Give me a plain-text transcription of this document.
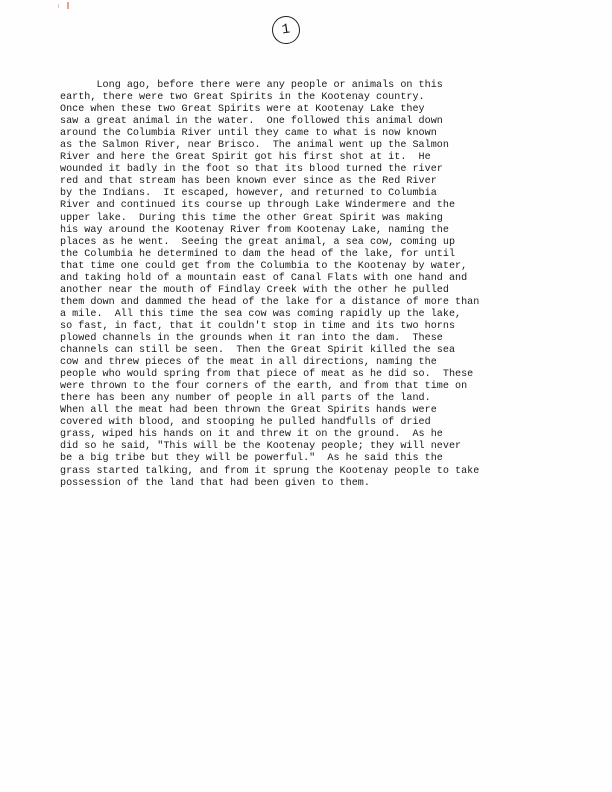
1
Long ago, before there were any people or animals on this
earth, there were two Great Spirits in the Kootenay country.
Once when these two Great Spirits were at Kootenay Lake they
saw a great animal in the water.  One followed this animal down
around the Columbia River until they came to what is now known
as the Salmon River, near Brisco.  The animal went up the Salmon
River and here the Great Spirit got his first shot at it.  He
wounded it badly in the foot so that its blood turned the river
red and that stream has been known ever since as the Red River
by the Indians.  It escaped, however, and returned to Columbia
River and continued its course up through Lake Windermere and the
upper lake.  During this time the other Great Spirit was making
his way around the Kootenay River from Kootenay Lake, naming the
places as he went.  Seeing the great animal, a sea cow, coming up
the Columbia he determined to dam the head of the lake, for until
that time one could get from the Columbia to the Kootenay by water,
and taking hold of a mountain east of Canal Flats with one hand and
another near the mouth of Findlay Creek with the other he pulled
them down and dammed the head of the lake for a distance of more than
a mile.  All this time the sea cow was coming rapidly up the lake,
so fast, in fact, that it couldn't stop in time and its two horns
plowed channels in the grounds when it ran into the dam.  These
channels can still be seen.  Then the Great Spirit killed the sea
cow and threw pieces of the meat in all directions, naming the
people who would spring from that piece of meat as he did so.  These
were thrown to the four corners of the earth, and from that time on
there has been any number of people in all parts of the land.
When all the meat had been thrown the Great Spirits hands were
covered with blood, and stooping he pulled handfulls of dried
grass, wiped his hands on it and threw it on the ground.  As he
did so he said, "This will be the Kootenay people; they will never
be a big tribe but they will be powerful."  As he said this the
grass started talking, and from it sprung the Kootenay people to take
possession of the land that had been given to them.
